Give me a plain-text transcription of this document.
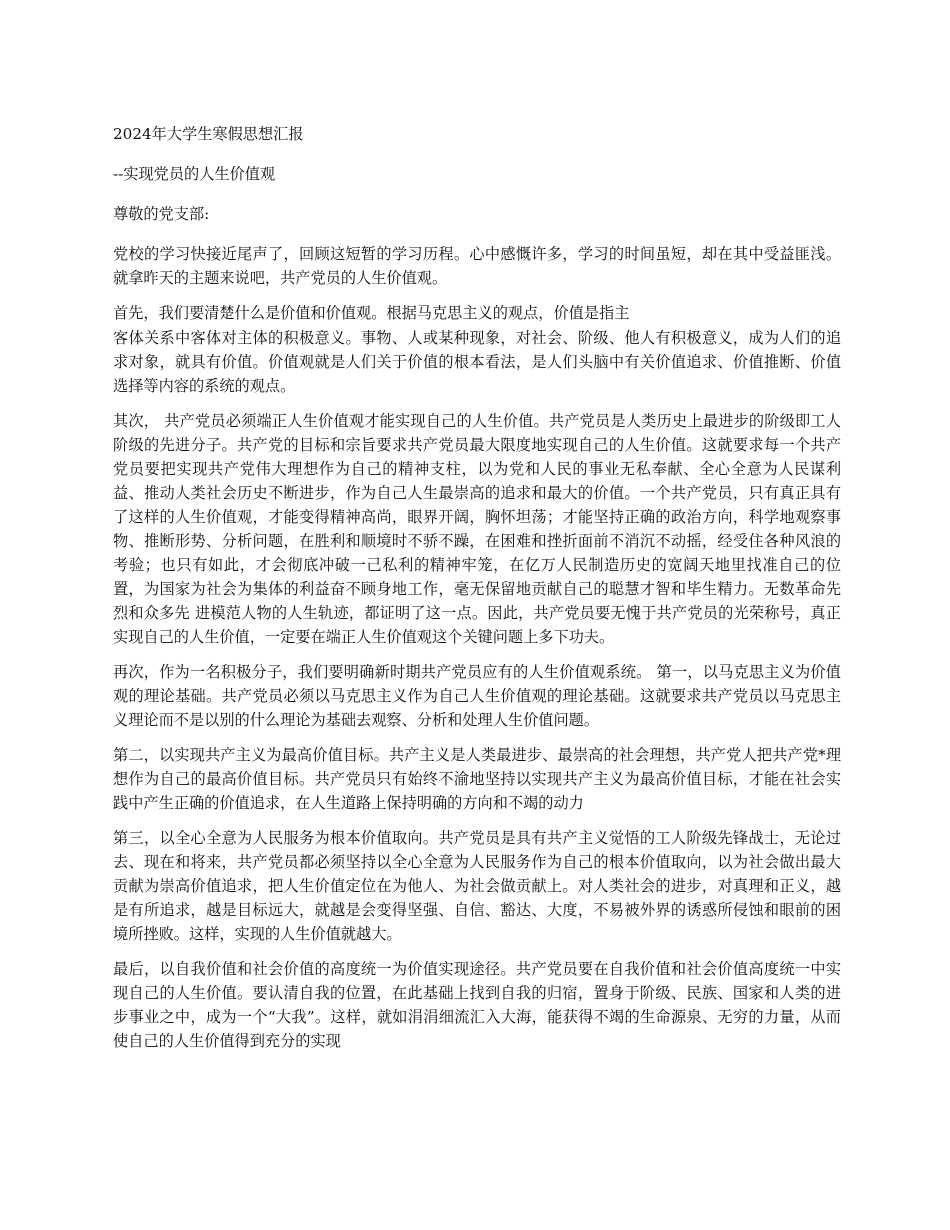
2024年大学生寒假思想汇报

--实现党员的人生价值观

尊敬的党支部:

党校的学习快接近尾声了，回顾这短暂的学习历程。心中感慨许多，学习的时间虽短，却在其中受益匪浅。就拿昨天的主题来说吧，共产党员的人生价值观。

首先，我们要清楚什么是价值和价值观。根据马克思主义的观点，价值是指主

客体关系中客体对主体的积极意义。事物、人或某种现象，对社会、阶级、他人有积极意义，成为人们的追求对象，就具有价值。价值观就是人们关于价值的根本看法，是人们头脑中有关价值追求、价值推断、价值选择等内容的系统的观点。

其次， 共产党员必须端正人生价值观才能实现自己的人生价值。共产党员是人类历史上最进步的阶级即工人阶级的先进分子。共产党的目标和宗旨要求共产党员最大限度地实现自己的人生价值。这就要求每一个共产党员要把实现共产党伟大理想作为自己的精神支柱，以为党和人民的事业无私奉献、全心全意为人民谋利益、推动人类社会历史不断进步，作为自己人生最崇高的追求和最大的价值。一个共产党员，只有真正具有了这样的人生价值观，才能变得精神高尚，眼界开阔，胸怀坦荡；才能坚持正确的政治方向，科学地观察事物、推断形势、分析问题，在胜利和顺境时不骄不躁，在困难和挫折面前不消沉不动摇，经受住各种风浪的考验；也只有如此，才会彻底冲破一己私利的精神牢笼，在亿万人民制造历史的宽阔天地里找准自己的位置，为国家为社会为集体的利益奋不顾身地工作，毫无保留地贡献自己的聪慧才智和毕生精力。无数革命先烈和众多先 进模范人物的人生轨迹，都证明了这一点。因此，共产党员要无愧于共产党员的光荣称号，真正实现自己的人生价值，一定要在端正人生价值观这个关键问题上多下功夫。

再次，作为一名积极分子，我们要明确新时期共产党员应有的人生价值观系统。 第一，以马克思主义为价值观的理论基础。共产党员必须以马克思主义作为自己人生价值观的理论基础。这就要求共产党员以马克思主义理论而不是以别的什么理论为基础去观察、分析和处理人生价值问题。

第二，以实现共产主义为最高价值目标。共产主义是人类最进步、最崇高的社会理想，共产党人把共产党*理想作为自己的最高价值目标。共产党员只有始终不渝地坚持以实现共产主义为最高价值目标，才能在社会实践中产生正确的价值追求，在人生道路上保持明确的方向和不竭的动力

第三，以全心全意为人民服务为根本价值取向。共产党员是具有共产主义觉悟的工人阶级先锋战士，无论过去、现在和将来，共产党员都必须坚持以全心全意为人民服务作为自己的根本价值取向，以为社会做出最大贡献为崇高价值追求，把人生价值定位在为他人、为社会做贡献上。对人类社会的进步，对真理和正义，越是有所追求，越是目标远大，就越是会变得坚强、自信、豁达、大度，不易被外界的诱惑所侵蚀和眼前的困境所挫败。这样，实现的人生价值就越大。

最后，以自我价值和社会价值的高度统一为价值实现途径。共产党员要在自我价值和社会价值高度统一中实现自己的人生价值。要认清自我的位置，在此基础上找到自我的归宿，置身于阶级、民族、国家和人类的进步事业之中，成为一个“大我”。这样，就如涓涓细流汇入大海，能获得不竭的生命源泉、无穷的力量，从而使自己的人生价值得到充分的实现
